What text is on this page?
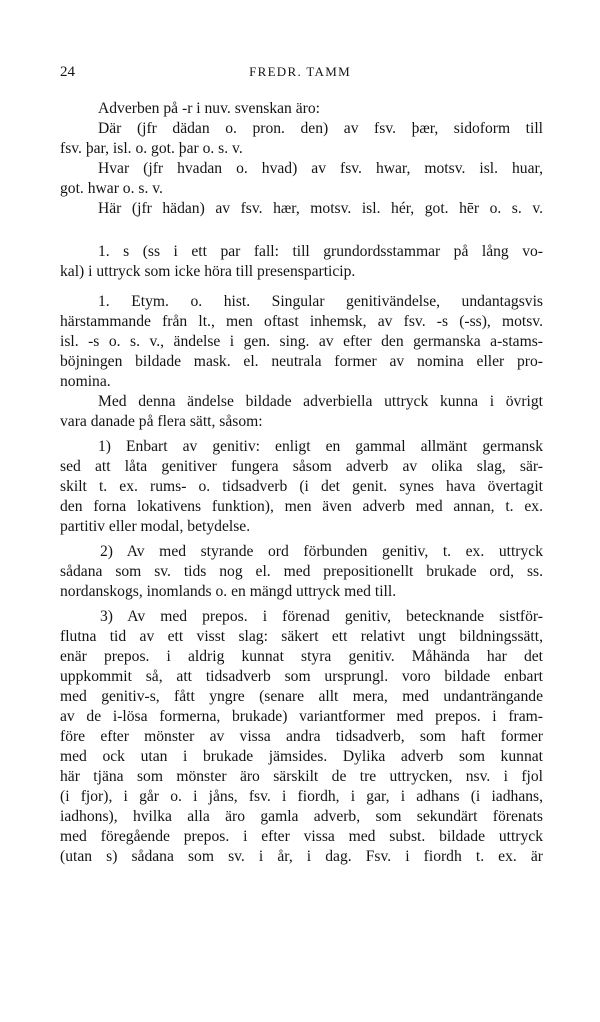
24	FREDR. TAMM
Adverben på -r i nuv. svenskan äro:
Där (jfr dädan o. pron. den) av fsv. þær, sidoform till
fsv. þar, isl. o. got. þar o. s. v.
Hvar (jfr hvadan o. hvad) av fsv. hwar, motsv. isl. huar,
got. hwar o. s. v.
Här (jfr hädan) av fsv. hær, motsv. isl. hér, got. hēr o. s. v.
1. s (ss i ett par fall: till grundordsstammar på lång vo-
kal) i uttryck som icke höra till presensparticip.
1. Etym. o. hist. Singular genitivändelse, undantagsvis
härstammande från lt., men oftast inhemsk, av fsv. -s (-ss), motsv.
isl. -s o. s. v., ändelse i gen. sing. av efter den germanska a-stams-
böjningen bildade mask. el. neutrala former av nomina eller pro-
nomina.
Med denna ändelse bildade adverbiella uttryck kunna i övrigt
vara danade på flera sätt, såsom:
1) Enbart av genitiv: enligt en gammal allmänt germansk
sed att låta genitiver fungera såsom adverb av olika slag, sär-
skilt t. ex. rums- o. tidsadverb (i det genit. synes hava övertagit
den forna lokativens funktion), men även adverb med annan, t. ex.
partitiv eller modal, betydelse.
2) Av med styrande ord förbunden genitiv, t. ex. uttryck
sådana som sv. tids nog el. med prepositionellt brukade ord, ss.
nordanskogs, inomlands o. en mängd uttryck med till.
3) Av med prepos. i förenad genitiv, betecknande sistför-
flutna tid av ett visst slag: säkert ett relativt ungt bildningssätt,
enär prepos. i aldrig kunnat styra genitiv. Måhända har det
uppkommit så, att tidsadverb som ursprungl. voro bildade enbart
med genitiv-s, fått yngre (senare allt mera, med undanträngande
av de i-lösa formerna, brukade) variantformer med prepos. i fram-
före efter mönster av vissa andra tidsadverb, som haft former
med ock utan i brukade jämsides. Dylika adverb som kunnat
här tjäna som mönster äro särskilt de tre uttrycken, nsv. i fjol
(i fjor), i går o. i jåns, fsv. i fiordh, i gar, i adhans (i iadhans,
iadhons), hvilka alla äro gamla adverb, som sekundärt förenats
med föregående prepos. i efter vissa med subst. bildade uttryck
(utan s) sådana som sv. i år, i dag. Fsv. i fiordh t. ex. är
